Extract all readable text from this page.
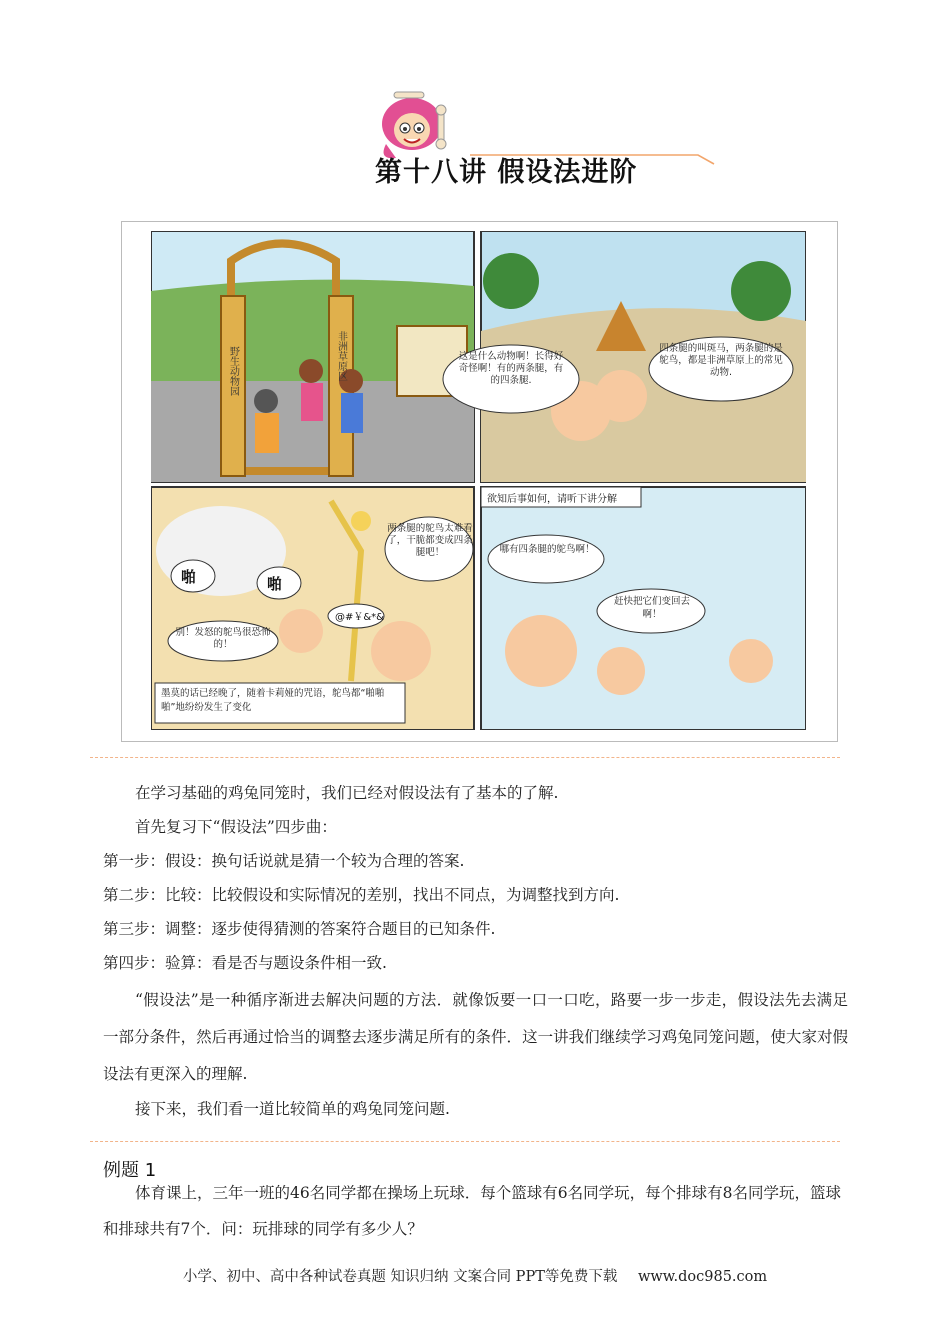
第十八讲 假设法进阶
非洲草原区
野生动物园	这是什么动物啊！长得好奇怪啊！有的两条腿，有的四条腿.
四条腿的叫斑马，两条腿的是鸵鸟，都是非洲草原上的常见动物.
啪	啪
两条腿的鸵鸟太难看了，干脆都变成四条腿吧！
@#￥&*&
别！发怒的鸵鸟很恐怖的！
墨莫的话已经晚了，随着卡莉娅的咒语，鸵鸟都“啪啪啪”地纷纷发生了变化
欲知后事如何，请听下讲分解
哪有四条腿的鸵鸟啊！
赶快把它们变回去啊！

在学习基础的鸡兔同笼时，我们已经对假设法有了基本的了解.

首先复习下“假设法”四步曲：

第一步：假设：换句话说就是猜一个较为合理的答案.

第二步：比较：比较假设和实际情况的差别，找出不同点，为调整找到方向.

第三步：调整：逐步使得猜测的答案符合题目的已知条件.

第四步：验算：看是否与题设条件相一致.

“假设法”是一种循序渐进去解决问题的方法．就像饭要一口一口吃，路要一步一步走，假设法先去满足一部分条件，然后再通过恰当的调整去逐步满足所有的条件．这一讲我们继续学习鸡兔同笼问题，使大家对假设法有更深入的理解.

接下来，我们看一道比较简单的鸡兔同笼问题.

例题 1

体育课上，三年一班的46名同学都在操场上玩球．每个篮球有6名同学玩，每个排球有8名同学玩，篮球和排球共有7个．问：玩排球的同学有多少人？

小学、初中、高中各种试卷真题 知识归纳 文案合同 PPT等免费下载 www.doc985.com
